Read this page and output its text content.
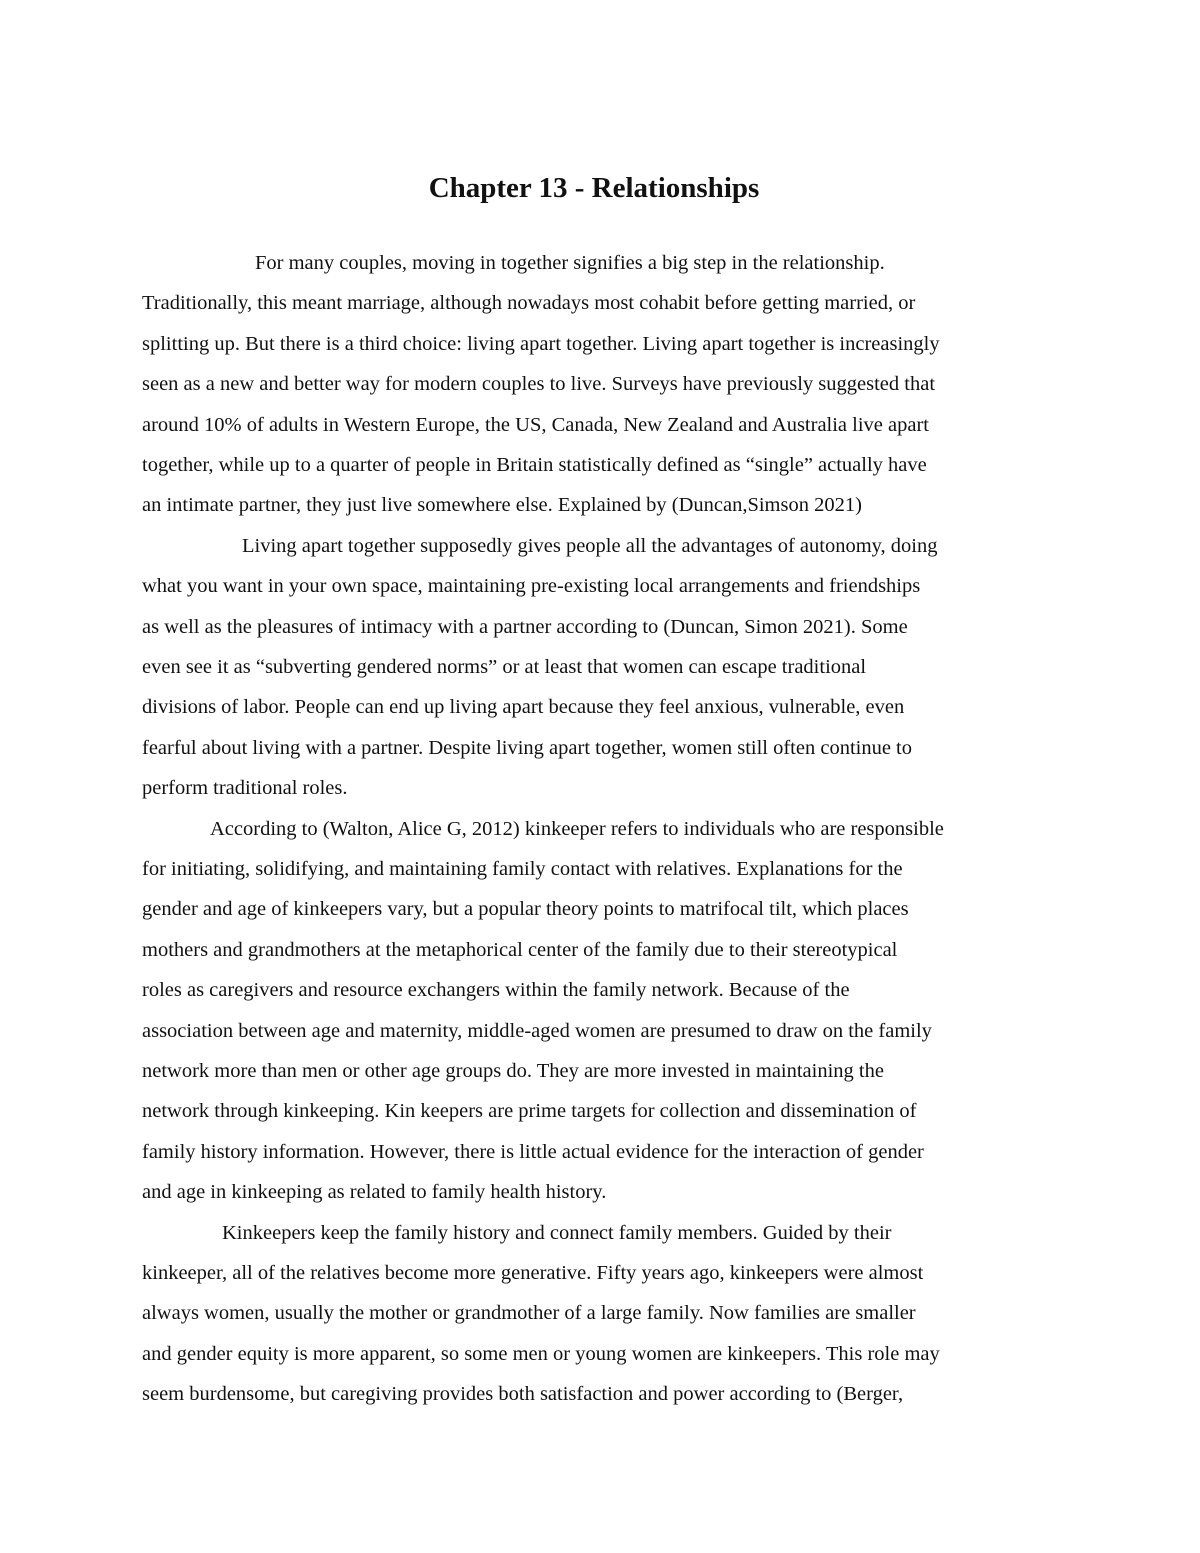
Chapter 13 - Relationships
For many couples, moving in together signifies a big step in the relationship.
Traditionally, this meant marriage, although nowadays most cohabit before getting married, or
splitting up. But there is a third choice: living apart together. Living apart together is increasingly
seen as a new and better way for modern couples to live. Surveys have previously suggested that
around 10% of adults in Western Europe, the US, Canada, New Zealand and Australia live apart
together, while up to a quarter of people in Britain statistically defined as “single” actually have
an intimate partner, they just live somewhere else. Explained by (Duncan,Simson 2021)
Living apart together supposedly gives people all the advantages of autonomy, doing
what you want in your own space, maintaining pre-existing local arrangements and friendships
as well as the pleasures of intimacy with a partner according to (Duncan, Simon 2021). Some
even see it as “subverting gendered norms” or at least that women can escape traditional
divisions of labor. People can end up living apart because they feel anxious, vulnerable, even
fearful about living with a partner. Despite living apart together, women still often continue to
perform traditional roles.
According to (Walton, Alice G, 2012) kinkeeper refers to individuals who are responsible
for initiating, solidifying, and maintaining family contact with relatives. Explanations for the
gender and age of kinkeepers vary, but a popular theory points to matrifocal tilt, which places
mothers and grandmothers at the metaphorical center of the family due to their stereotypical
roles as caregivers and resource exchangers within the family network. Because of the
association between age and maternity, middle-aged women are presumed to draw on the family
network more than men or other age groups do. They are more invested in maintaining the
network through kinkeeping. Kin keepers are prime targets for collection and dissemination of
family history information. However, there is little actual evidence for the interaction of gender
and age in kinkeeping as related to family health history.
Kinkeepers keep the family history and connect family members. Guided by their
kinkeeper, all of the relatives become more generative. Fifty years ago, kinkeepers were almost
always women, usually the mother or grandmother of a large family. Now families are smaller
and gender equity is more apparent, so some men or young women are kinkeepers. This role may
seem burdensome, but caregiving provides both satisfaction and power according to (Berger,
